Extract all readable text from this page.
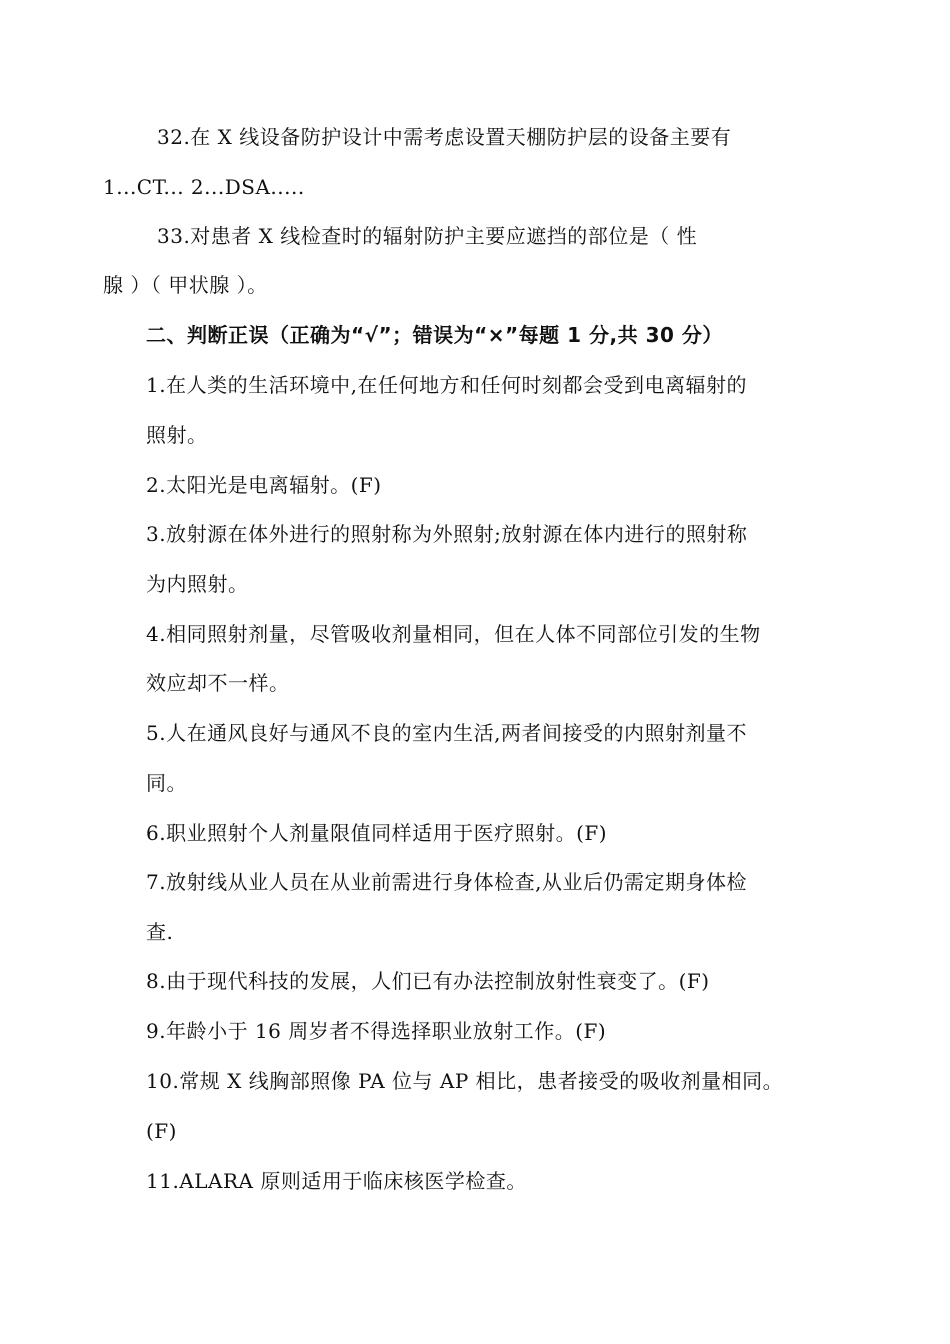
32.在 X 线设备防护设计中需考虑设置天棚防护层的设备主要有
1...CT... 2...DSA.....
33.对患者 X 线检查时的辐射防护主要应遮挡的部位是（ 性
腺 ）（ 甲状腺 ）。
二、判断正误（正确为“√”；错误为“×”每题 1 分,共 30 分）
1.在人类的生活环境中,在任何地方和任何时刻都会受到电离辐射的
照射。
2.太阳光是电离辐射。(F)
3.放射源在体外进行的照射称为外照射;放射源在体内进行的照射称
为内照射。
4.相同照射剂量，尽管吸收剂量相同，但在人体不同部位引发的生物
效应却不一样。
5.人在通风良好与通风不良的室内生活,两者间接受的内照射剂量不
同。
6.职业照射个人剂量限值同样适用于医疗照射。(F)
7.放射线从业人员在从业前需进行身体检查,从业后仍需定期身体检
查.
8.由于现代科技的发展，人们已有办法控制放射性衰变了。(F)
9.年龄小于 16 周岁者不得选择职业放射工作。(F)
10.常规 X 线胸部照像 PA 位与 AP 相比，患者接受的吸收剂量相同。
(F)
11.ALARA 原则适用于临床核医学检查。
